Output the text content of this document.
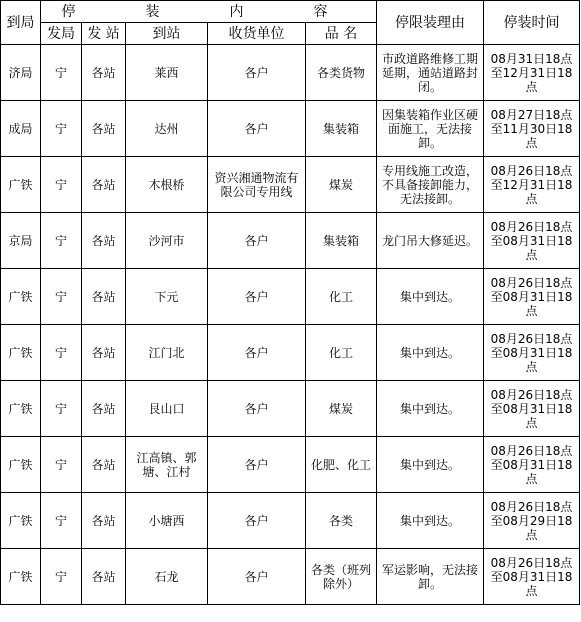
到局	停　装　内　容					停限装理由	停装时间
	发局	发 站	到站	收货单位	品 名		
济局	宁	各站	莱西	各户	各类货物	市政道路维修工期延期，通站道路封闭。	08月31日18点至12月31日18点
成局	宁	各站	达州	各户	集装箱	因集装箱作业区硬面施工，无法接卸。	08月27日18点至11月30日18点
广铁	宁	各站	木根桥	资兴湘通物流有限公司专用线	煤炭	专用线施工改造，不具备接卸能力，无法接卸。	08月26日18点至12月31日18点
京局	宁	各站	沙河市	各户	集装箱	龙门吊大修延迟。	08月26日18点至08月31日18点
广铁	宁	各站	下元	各户	化工	集中到达。	08月26日18点至08月31日18点
广铁	宁	各站	江门北	各户	化工	集中到达。	08月26日18点至08月31日18点
广铁	宁	各站	艮山口	各户	煤炭	集中到达。	08月26日18点至08月31日18点
广铁	宁	各站	江高镇、郭塘、江村	各户	化肥、化工	集中到达。	08月26日18点至08月31日18点
广铁	宁	各站	小塘西	各户	各类	集中到达。	08月26日18点至08月29日18点
广铁	宁	各站	石龙	各户	各类（班列除外）	军运影响，无法接卸。	08月26日18点至08月31日18点
